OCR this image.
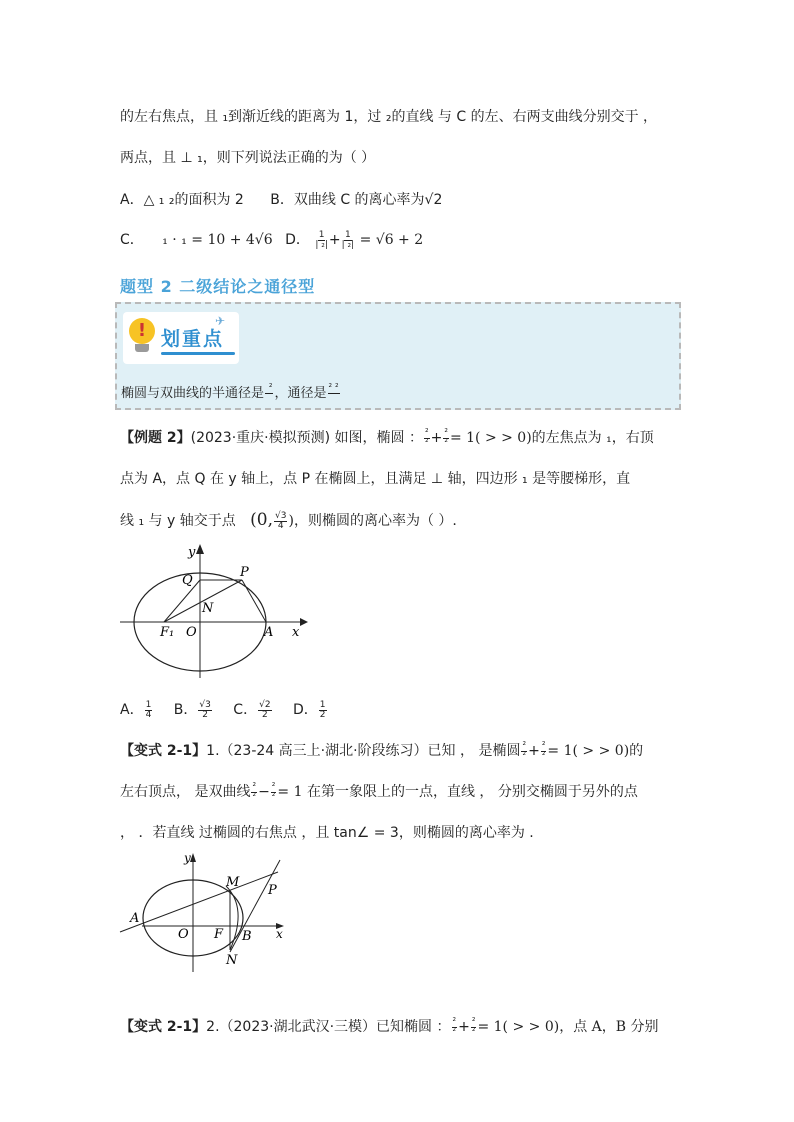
的左右焦点，且 ₁到渐近线的距离为 1，过 ₂的直线 与 C 的左、右两支曲线分别交于 ，
两点，且 ⊥ ₁，则下列说法正确的为（ ）
A．△ ₁ ₂的面积为 2 B．双曲线 C 的离心率为√2
C． ₁ · ₁ = 10 + 4√6 D． $\frac{1}{\text{| ₂|}} + \frac{1}{\text{| ₂|}} = √6 + 2$
题型 2 二级结论之通径型
! 划重点
✈
椭圆与双曲线的半通径是 ²
，通径是 ² ²

【例题 2】(2023·重庆·模拟预测) 如图，椭圆 ： $\frac{\text{²}}{\text{²}} + \frac{\text{²}}{\text{²}} = 1$( > > 0)的左焦点为 ₁，右顶
点为 A，点 Q 在 y 轴上，点 P 在椭圆上，且满足 ⊥ 轴，四边形 ₁ 是等腰梯形，直
线 ₁ 与 y 轴交于点 (0, $\frac{√3}{4}$ )，则椭圆的离心率为（ ）.
y
x
Q
P
N
F₁ O	A
A． $\frac{1}{4}$ B． $\frac{√3}{2}$ C． $\frac{√2}{2}$ D． $\frac{1}{2}$
【变式 2-1】1.（23-24 高三上·湖北·阶段练习）已知 ， 是椭圆 $\frac{\text{²}}{\text{²}} + \frac{\text{²}}{\text{²}} = 1$( > > 0)的
左右顶点， 是双曲线 $\frac{\text{²}}{\text{²}} - \frac{\text{²}}{\text{²}} = 1$ 在第一象限上的一点，直线 ， 分别交椭圆于另外的点
， ．若直线 过椭圆的右焦点 ，且 tan∠ = 3，则椭圆的离心率为 .
y
x
A
O F B
M
N
P
【变式 2-1】2.（2023·湖北武汉·三模）已知椭圆 ： $\frac{\text{²}}{\text{²}} + \frac{\text{²}}{\text{²}} = 1$( > > 0)，点 A，B 分别
